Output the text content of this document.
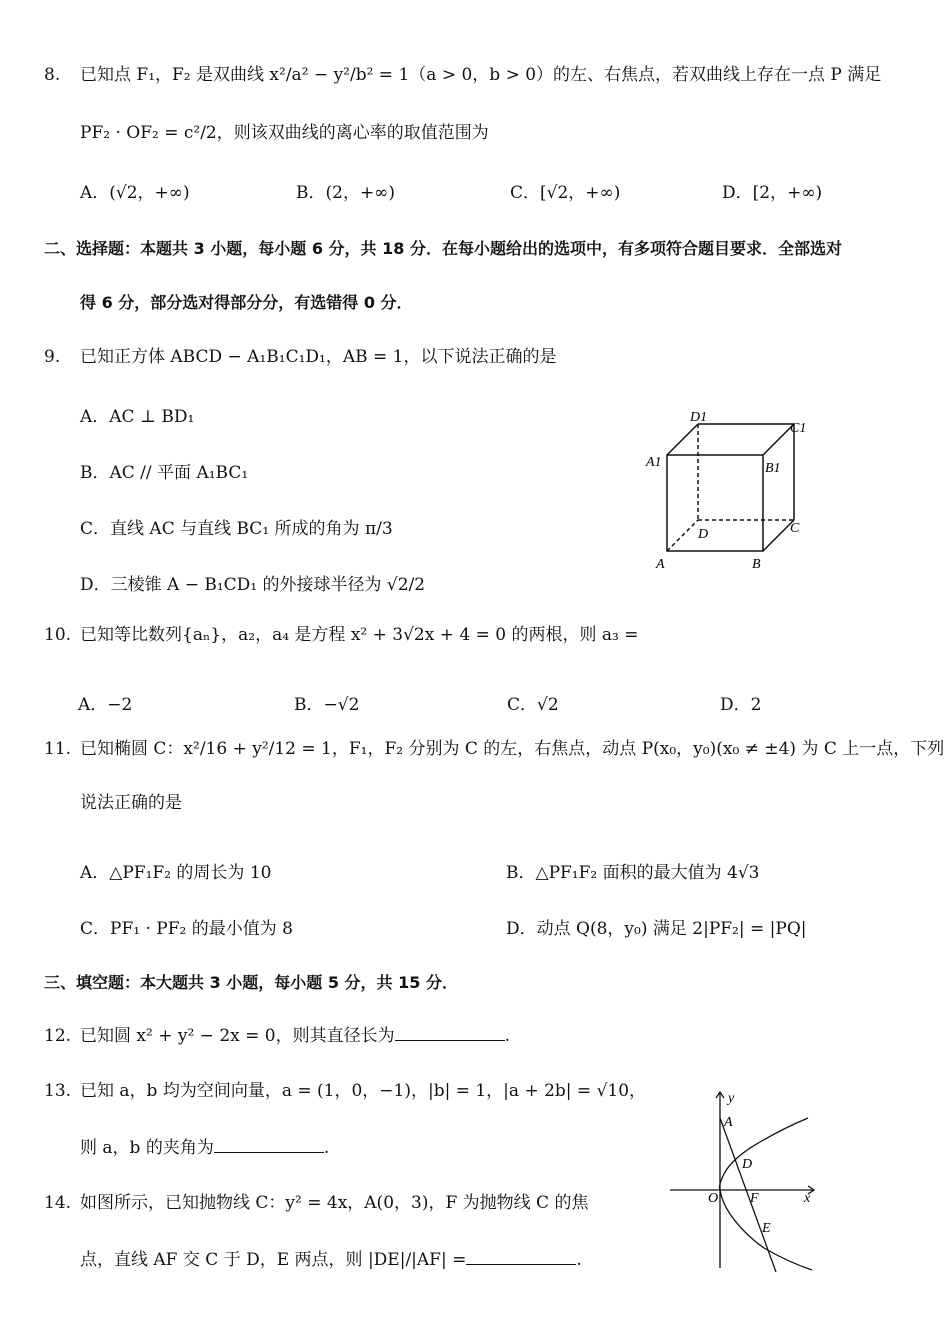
8. 已知点 F₁，F₂ 是双曲线 x²/a² − y²/b² = 1（a > 0，b > 0）的左、右焦点，若双曲线上存在一点 P 满足
PF₂ · OF₂ = c²/2，则该双曲线的离心率的取值范围为
A．(√2，+∞)	B．(2，+∞)	C．[√2，+∞)	D．[2，+∞)
二、选择题：本题共 3 小题，每小题 6 分，共 18 分．在每小题给出的选项中，有多项符合题目要求．全部选对
得 6 分，部分选对得部分分，有选错得 0 分．
9. 已知正方体 ABCD − A₁B₁C₁D₁，AB = 1，以下说法正确的是
A．AC ⊥ BD₁
B．AC // 平面 A₁BC₁
C．直线 AC 与直线 BC₁ 所成的角为 π/3
D．三棱锥 A − B₁CD₁ 的外接球半径为 √2/2
D1
C1
A1	B1
D	C
A	B
10. 已知等比数列{aₙ}，a₂，a₄ 是方程 x² + 3√2x + 4 = 0 的两根，则 a₃ =
A．−2	B．−√2	C．√2	D．2
11. 已知椭圆 C：x²/16 + y²/12 = 1，F₁，F₂ 分别为 C 的左，右焦点，动点 P(x₀，y₀)(x₀ ≠ ±4) 为 C 上一点，下列
说法正确的是
A．△PF₁F₂ 的周长为 10	B．△PF₁F₂ 面积的最大值为 4√3
C．PF₁ · PF₂ 的最小值为 8	D．动点 Q(8，y₀) 满足 2|PF₂| = |PQ|
三、填空题：本大题共 3 小题，每小题 5 分，共 15 分．
12. 已知圆 x² + y² − 2x = 0，则其直径长为	.
13. 已知 a，b 均为空间向量，a = (1，0，−1)，|b| = 1，|a + 2b| = √10，
则 a，b 的夹角为	.
14. 如图所示，已知抛物线 C：y² = 4x，A(0，3)，F 为抛物线 C 的焦
点，直线 AF 交 C 于 D，E 两点，则 |DE|/|AF| =	.
y
A
D
O F	x
E
